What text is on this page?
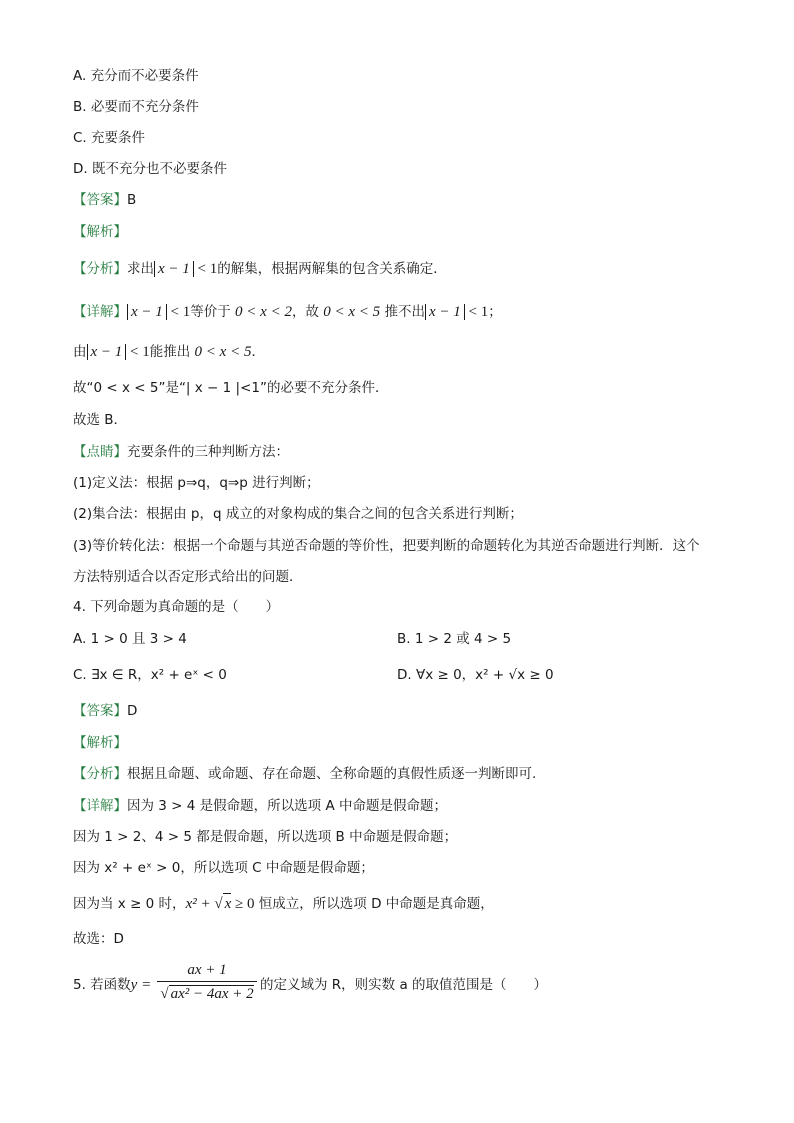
A. 充分而不必要条件
B. 必要而不充分条件
C. 充要条件
D. 既不充分也不必要条件
【答案】B
【解析】
【分析】求出 x − 1 < 1的解集，根据两解集的包含关系确定．
【详解】 x − 1 < 1等价于 0 < x < 2，故 0 < x < 5 推不出 x − 1 < 1；
由 x − 1 < 1能推出 0 < x < 5．
故“0 < x < 5”是“| x − 1 |<1”的必要不充分条件．
故选 B．
【点睛】充要条件的三种判断方法：
(1)定义法：根据 p⇒q，q⇒p 进行判断；
(2)集合法：根据由 p，q 成立的对象构成的集合之间的包含关系进行判断；
(3)等价转化法：根据一个命题与其逆否命题的等价性，把要判断的命题转化为其逆否命题进行判断．这个
方法特别适合以否定形式给出的问题．
4. 下列命题为真命题的是（　　）
A. 1 > 0 且 3 > 4	B. 1 > 2 或 4 > 5
C. ∃x ∈ R，x² + eˣ < 0	D. ∀x ≥ 0，x² + √x ≥ 0
【答案】D
【解析】
【分析】根据且命题、或命题、存在命题、全称命题的真假性质逐一判断即可.
【详解】因为 3 > 4 是假命题，所以选项 A 中命题是假命题；
因为 1 > 2、4 > 5 都是假命题，所以选项 B 中命题是假命题；
因为 x² + eˣ > 0，所以选项 C 中命题是假命题；
因为当 x ≥ 0 时，x² + √ x ≥ 0 恒成立，所以选项 D 中命题是真命题，
故选：D
5. 若函数$y = \frac{ax + 1}{\text{√ ax² − 4ax + 2}}$ 的定义域为 R，则实数 a 的取值范围是（　　）
